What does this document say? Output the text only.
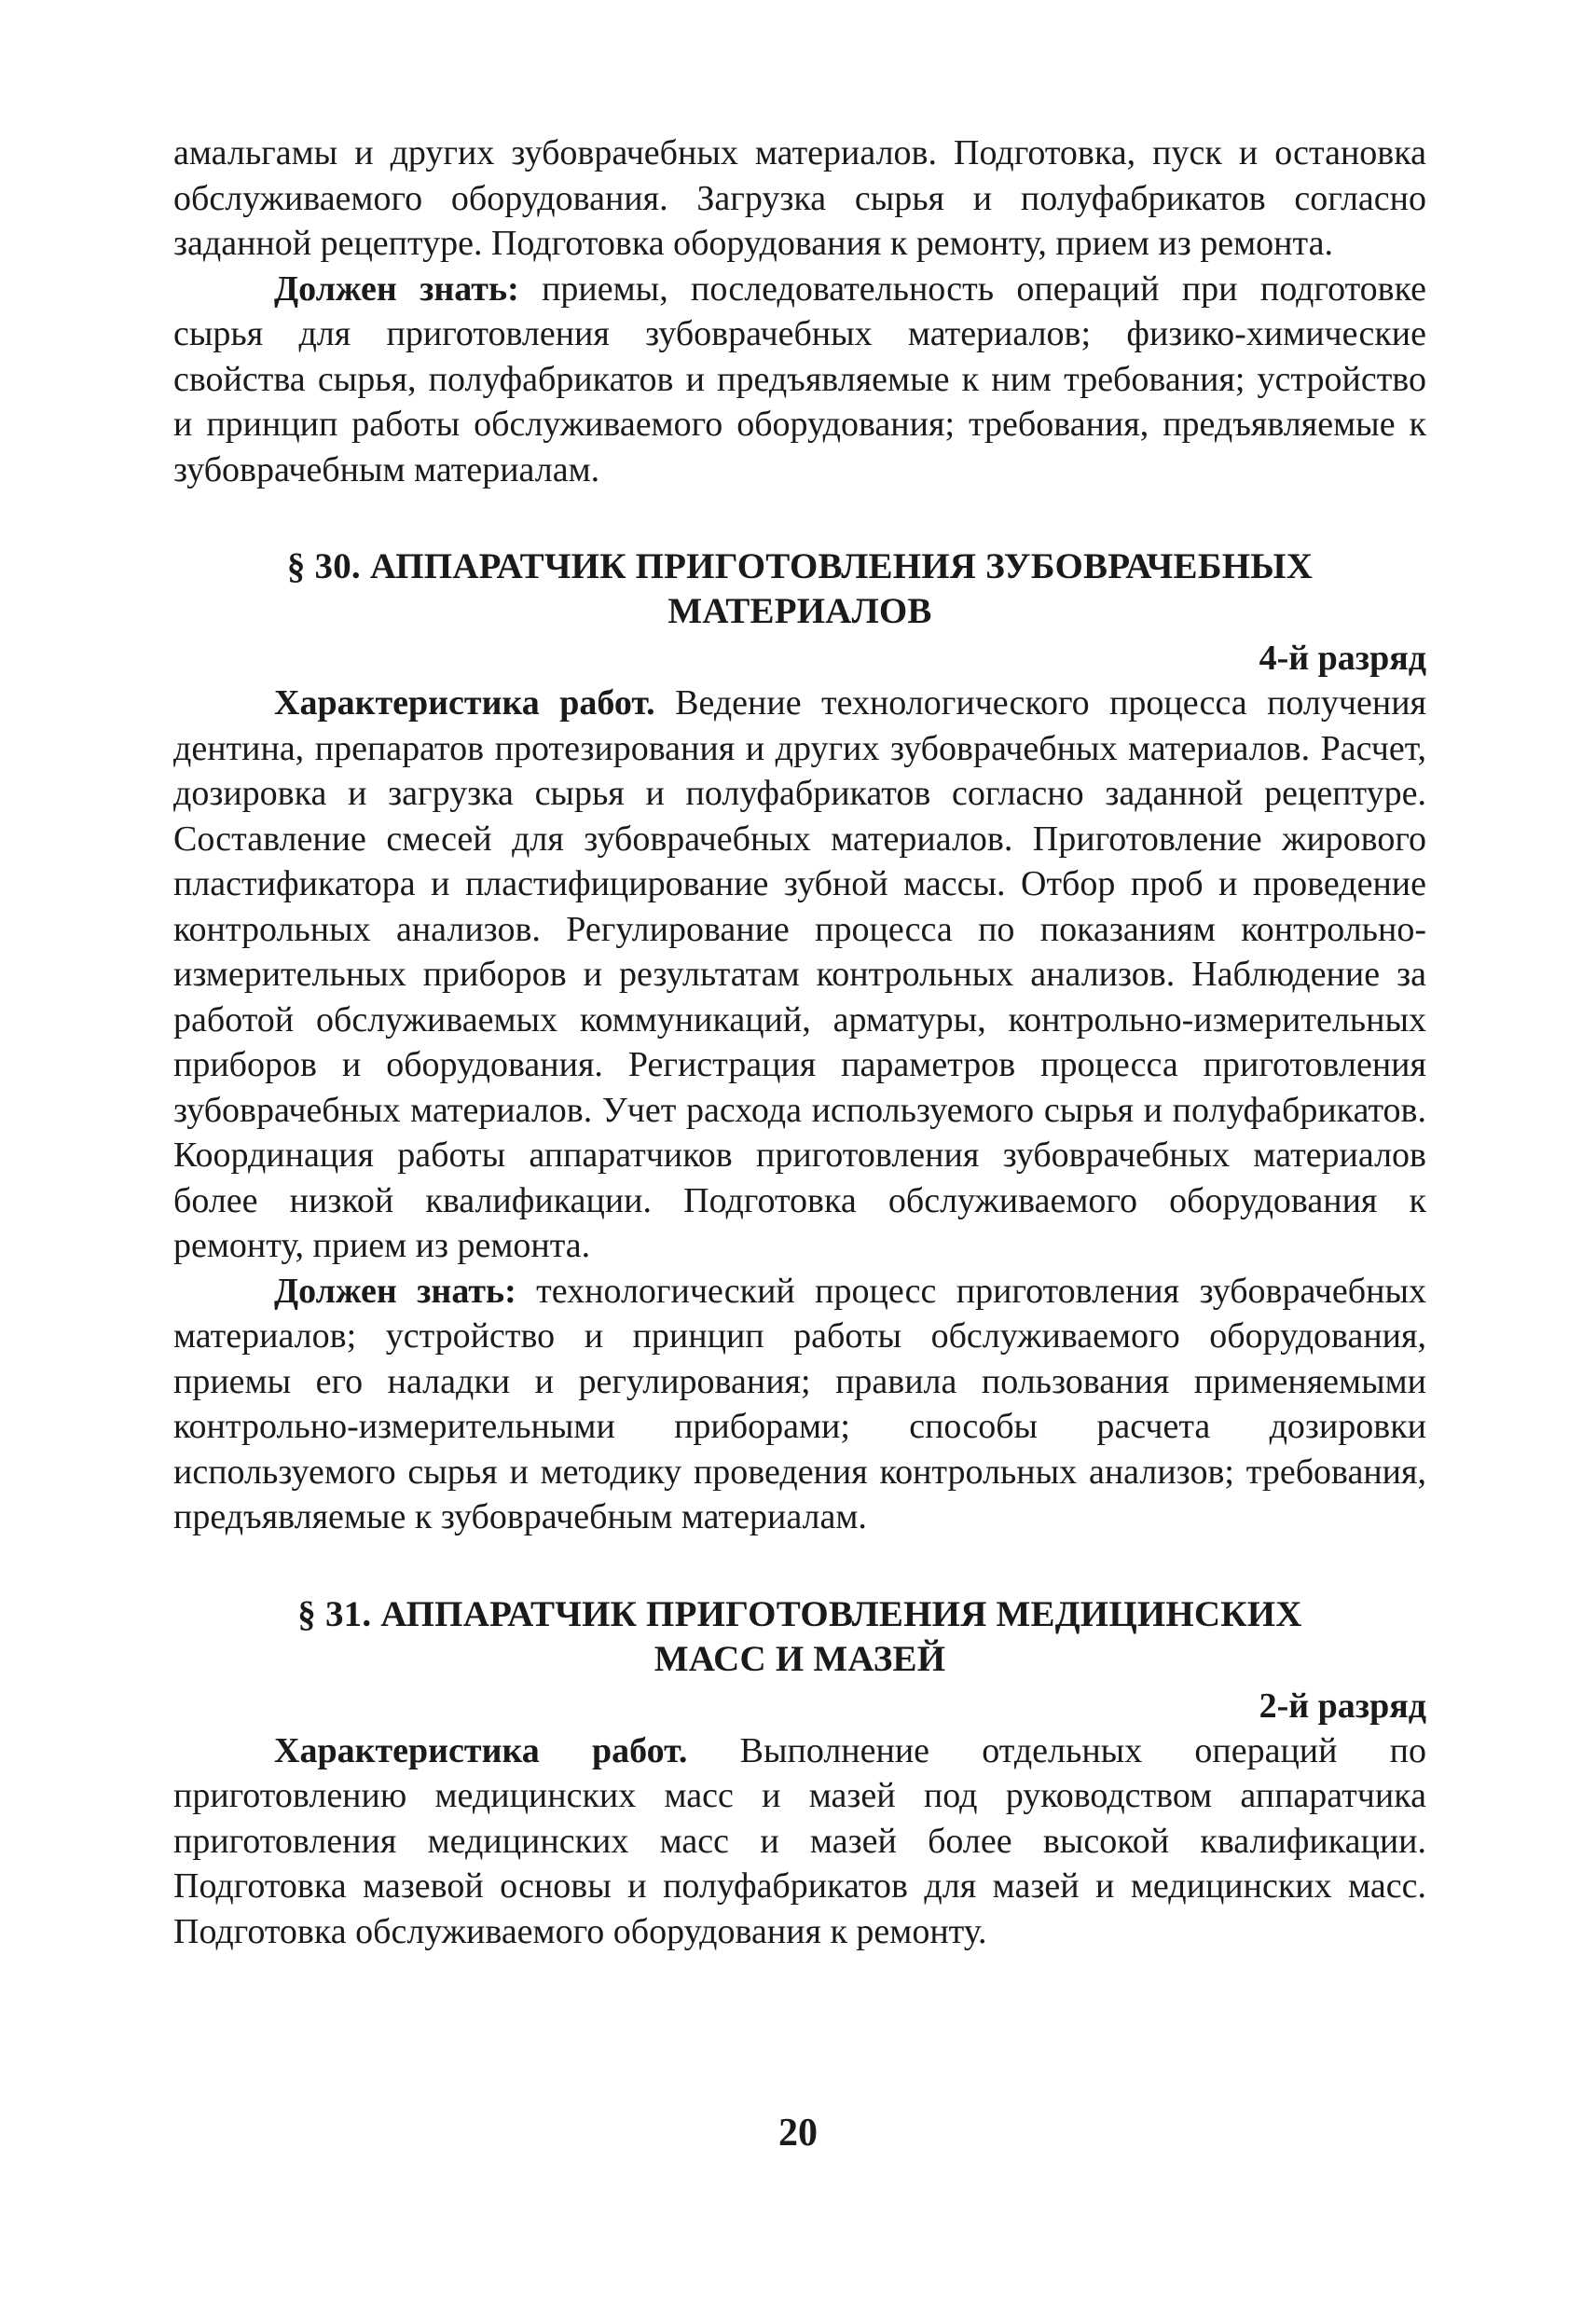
амальгамы и других зубоврачебных материалов. Подготовка, пуск и остановка обслуживаемого оборудования. Загрузка сырья и полуфабрикатов согласно заданной рецептуре. Подготовка оборудования к ремонту, прием из ремонта.

Должен знать: приемы, последовательность операций при подготовке сырья для приготовления зубоврачебных материалов; физико-химические свойства сырья, полуфабрикатов и предъявляемые к ним требования; устройство и принцип работы обслуживаемого оборудования; требования, предъявляемые к зубоврачебным материалам.

§ 30. АППАРАТЧИК ПРИГОТОВЛЕНИЯ ЗУБОВРАЧЕБНЫХ
МАТЕРИАЛОВ
4-й разряд

Характеристика работ. Ведение технологического процесса получения дентина, препаратов протезирования и других зубоврачебных материалов. Расчет, дозировка и загрузка сырья и полуфабрикатов согласно заданной рецептуре. Составление смесей для зубоврачебных материалов. Приготовление жирового пластификатора и пластифицирование зубной массы. Отбор проб и проведение контрольных анализов. Регулирование процесса по показаниям контрольно-измерительных приборов и результатам контрольных анализов. Наблюдение за работой обслуживаемых коммуникаций, арматуры, контрольно-измерительных приборов и оборудования. Регистрация параметров процесса приготовления зубоврачебных материалов. Учет расхода используемого сырья и полуфабрикатов. Координация работы аппаратчиков приготовления зубоврачебных материалов более низкой квалификации. Подготовка обслуживаемого оборудования к ремонту, прием из ремонта.

Должен знать: технологический процесс приготовления зубоврачебных материалов; устройство и принцип работы обслуживаемого оборудования, приемы его наладки и регулирования; правила пользования применяемыми контрольно-измерительными приборами; способы расчета дозировки используемого сырья и методику проведения контрольных анализов; требования, предъявляемые к зубоврачебным материалам.

§ 31. АППАРАТЧИК ПРИГОТОВЛЕНИЯ МЕДИЦИНСКИХ
МАСС И МАЗЕЙ
2-й разряд

Характеристика работ. Выполнение отдельных операций по приготовлению медицинских масс и мазей под руководством аппаратчика приготовления медицинских масс и мазей более высокой квалификации. Подготовка мазевой основы и полуфабрикатов для мазей и медицинских масс. Подготовка обслуживаемого оборудования к ремонту.

20
